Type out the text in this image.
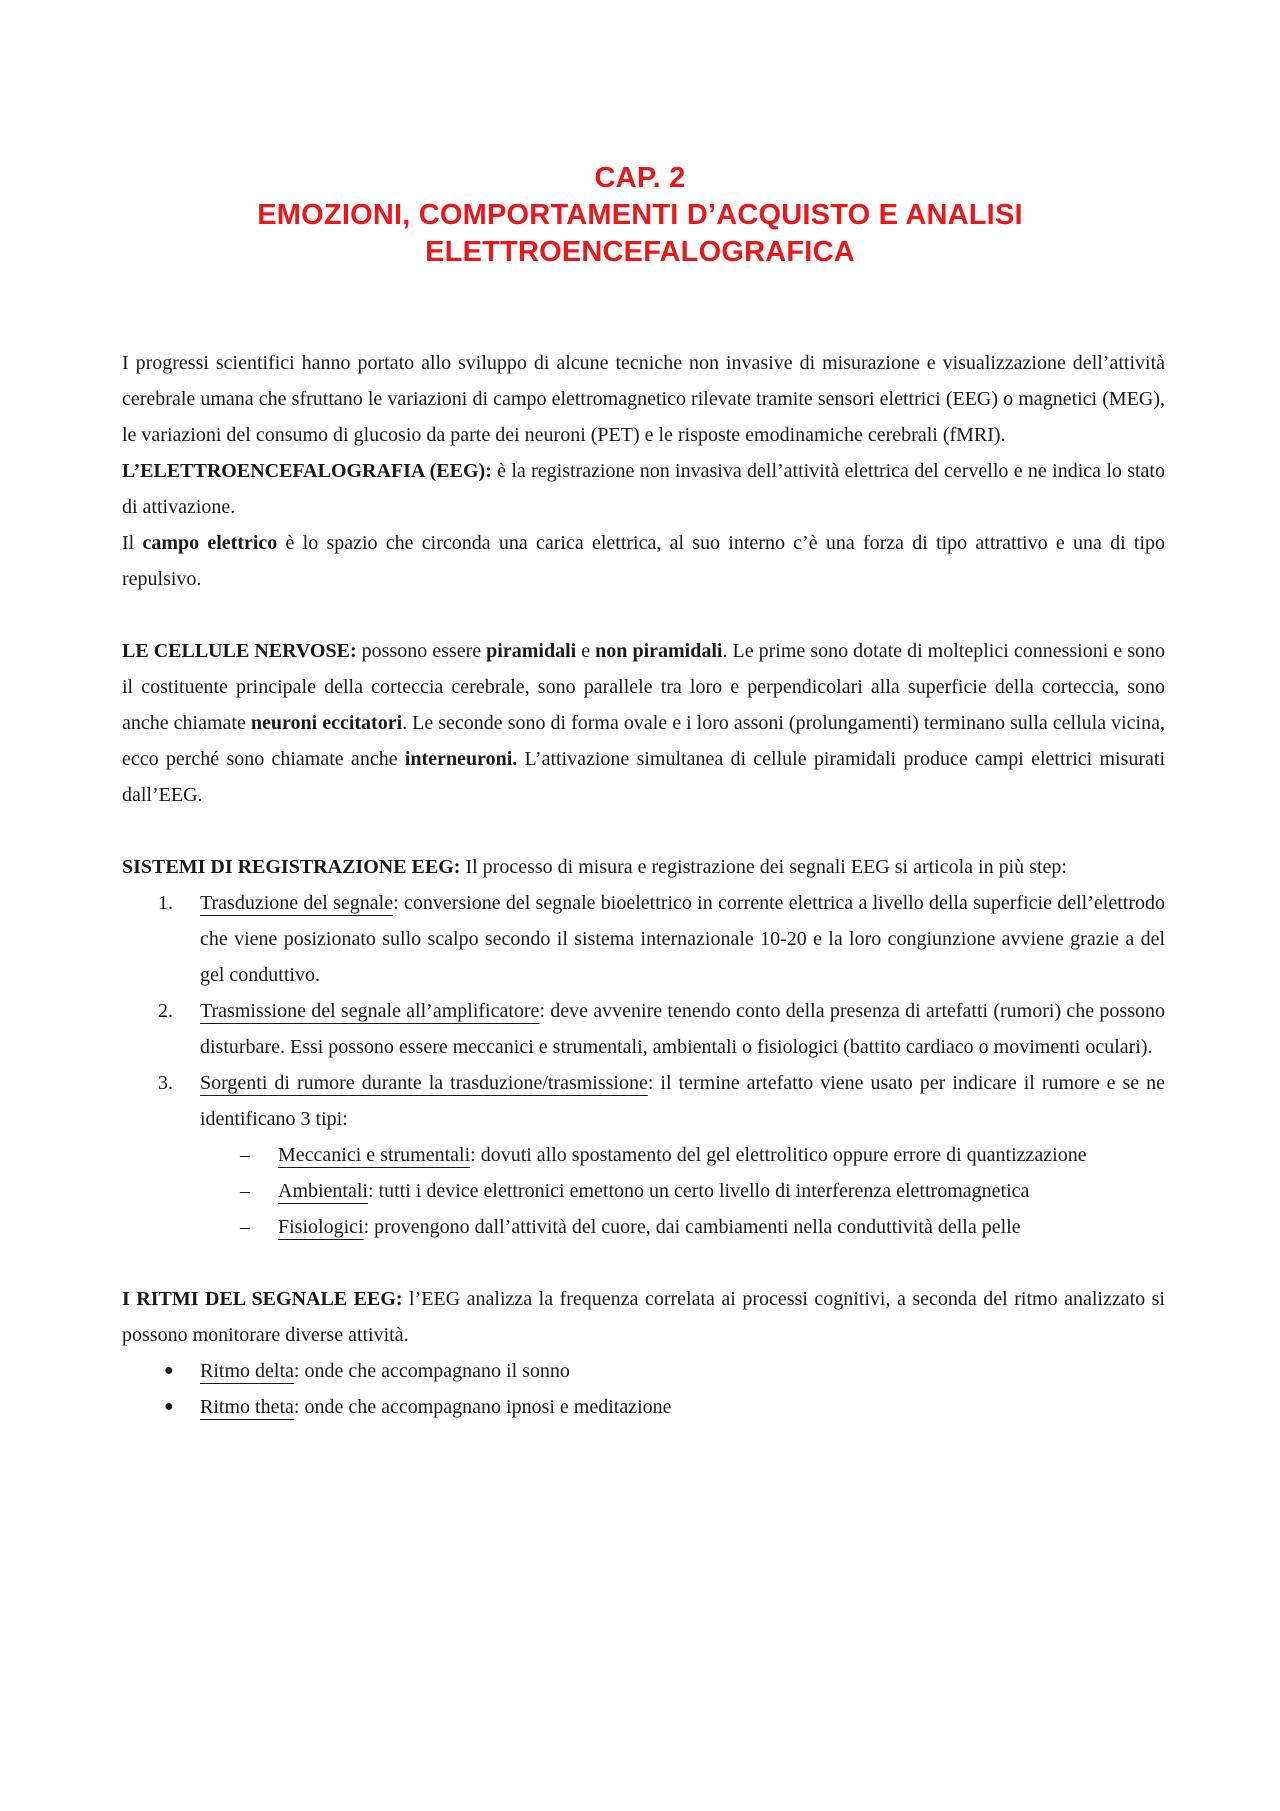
CAP. 2
EMOZIONI, COMPORTAMENTI D’ACQUISTO E ANALISI
ELETTROENCEFALOGRAFICA

I progressi scientifici hanno portato allo sviluppo di alcune tecniche non invasive di misurazione e visualizzazione dell’attività cerebrale umana che sfruttano le variazioni di campo elettromagnetico rilevate tramite sensori elettrici (EEG) o magnetici (MEG), le variazioni del consumo di glucosio da parte dei neuroni (PET) e le risposte emodinamiche cerebrali (fMRI).

L’ELETTROENCEFALOGRAFIA (EEG): è la registrazione non invasiva dell’attività elettrica del cervello e ne indica lo stato di attivazione.

Il campo elettrico è lo spazio che circonda una carica elettrica, al suo interno c’è una forza di tipo attrattivo e una di tipo repulsivo.

LE CELLULE NERVOSE: possono essere piramidali e non piramidali. Le prime sono dotate di molteplici connessioni e sono il costituente principale della corteccia cerebrale, sono parallele tra loro e perpendicolari alla superficie della corteccia, sono anche chiamate neuroni eccitatori. Le seconde sono di forma ovale e i loro assoni (prolungamenti) terminano sulla cellula vicina, ecco perché sono chiamate anche interneuroni. L’attivazione simultanea di cellule piramidali produce campi elettrici misurati dall’EEG.

SISTEMI DI REGISTRAZIONE EEG: Il processo di misura e registrazione dei segnali EEG si articola in più step:

1. Trasduzione del segnale: conversione del segnale bioelettrico in corrente elettrica a livello della superficie dell’elettrodo che viene posizionato sullo scalpo secondo il sistema internazionale 10-20 e la loro congiunzione avviene grazie a del gel conduttivo.
2. Trasmissione del segnale all’amplificatore: deve avvenire tenendo conto della presenza di artefatti (rumori) che possono disturbare. Essi possono essere meccanici e strumentali, ambientali o fisiologici (battito cardiaco o movimenti oculari).
3. Sorgenti di rumore durante la trasduzione/trasmissione: il termine artefatto viene usato per indicare il rumore e se ne identificano 3 tipi:
– Meccanici e strumentali: dovuti allo spostamento del gel elettrolitico oppure errore di quantizzazione
– Ambientali: tutti i device elettronici emettono un certo livello di interferenza elettromagnetica
– Fisiologici: provengono dall’attività del cuore, dai cambiamenti nella conduttività della pelle

I RITMI DEL SEGNALE EEG: l’EEG analizza la frequenza correlata ai processi cognitivi, a seconda del ritmo analizzato si possono monitorare diverse attività.

● Ritmo delta: onde che accompagnano il sonno
● Ritmo theta: onde che accompagnano ipnosi e meditazione
